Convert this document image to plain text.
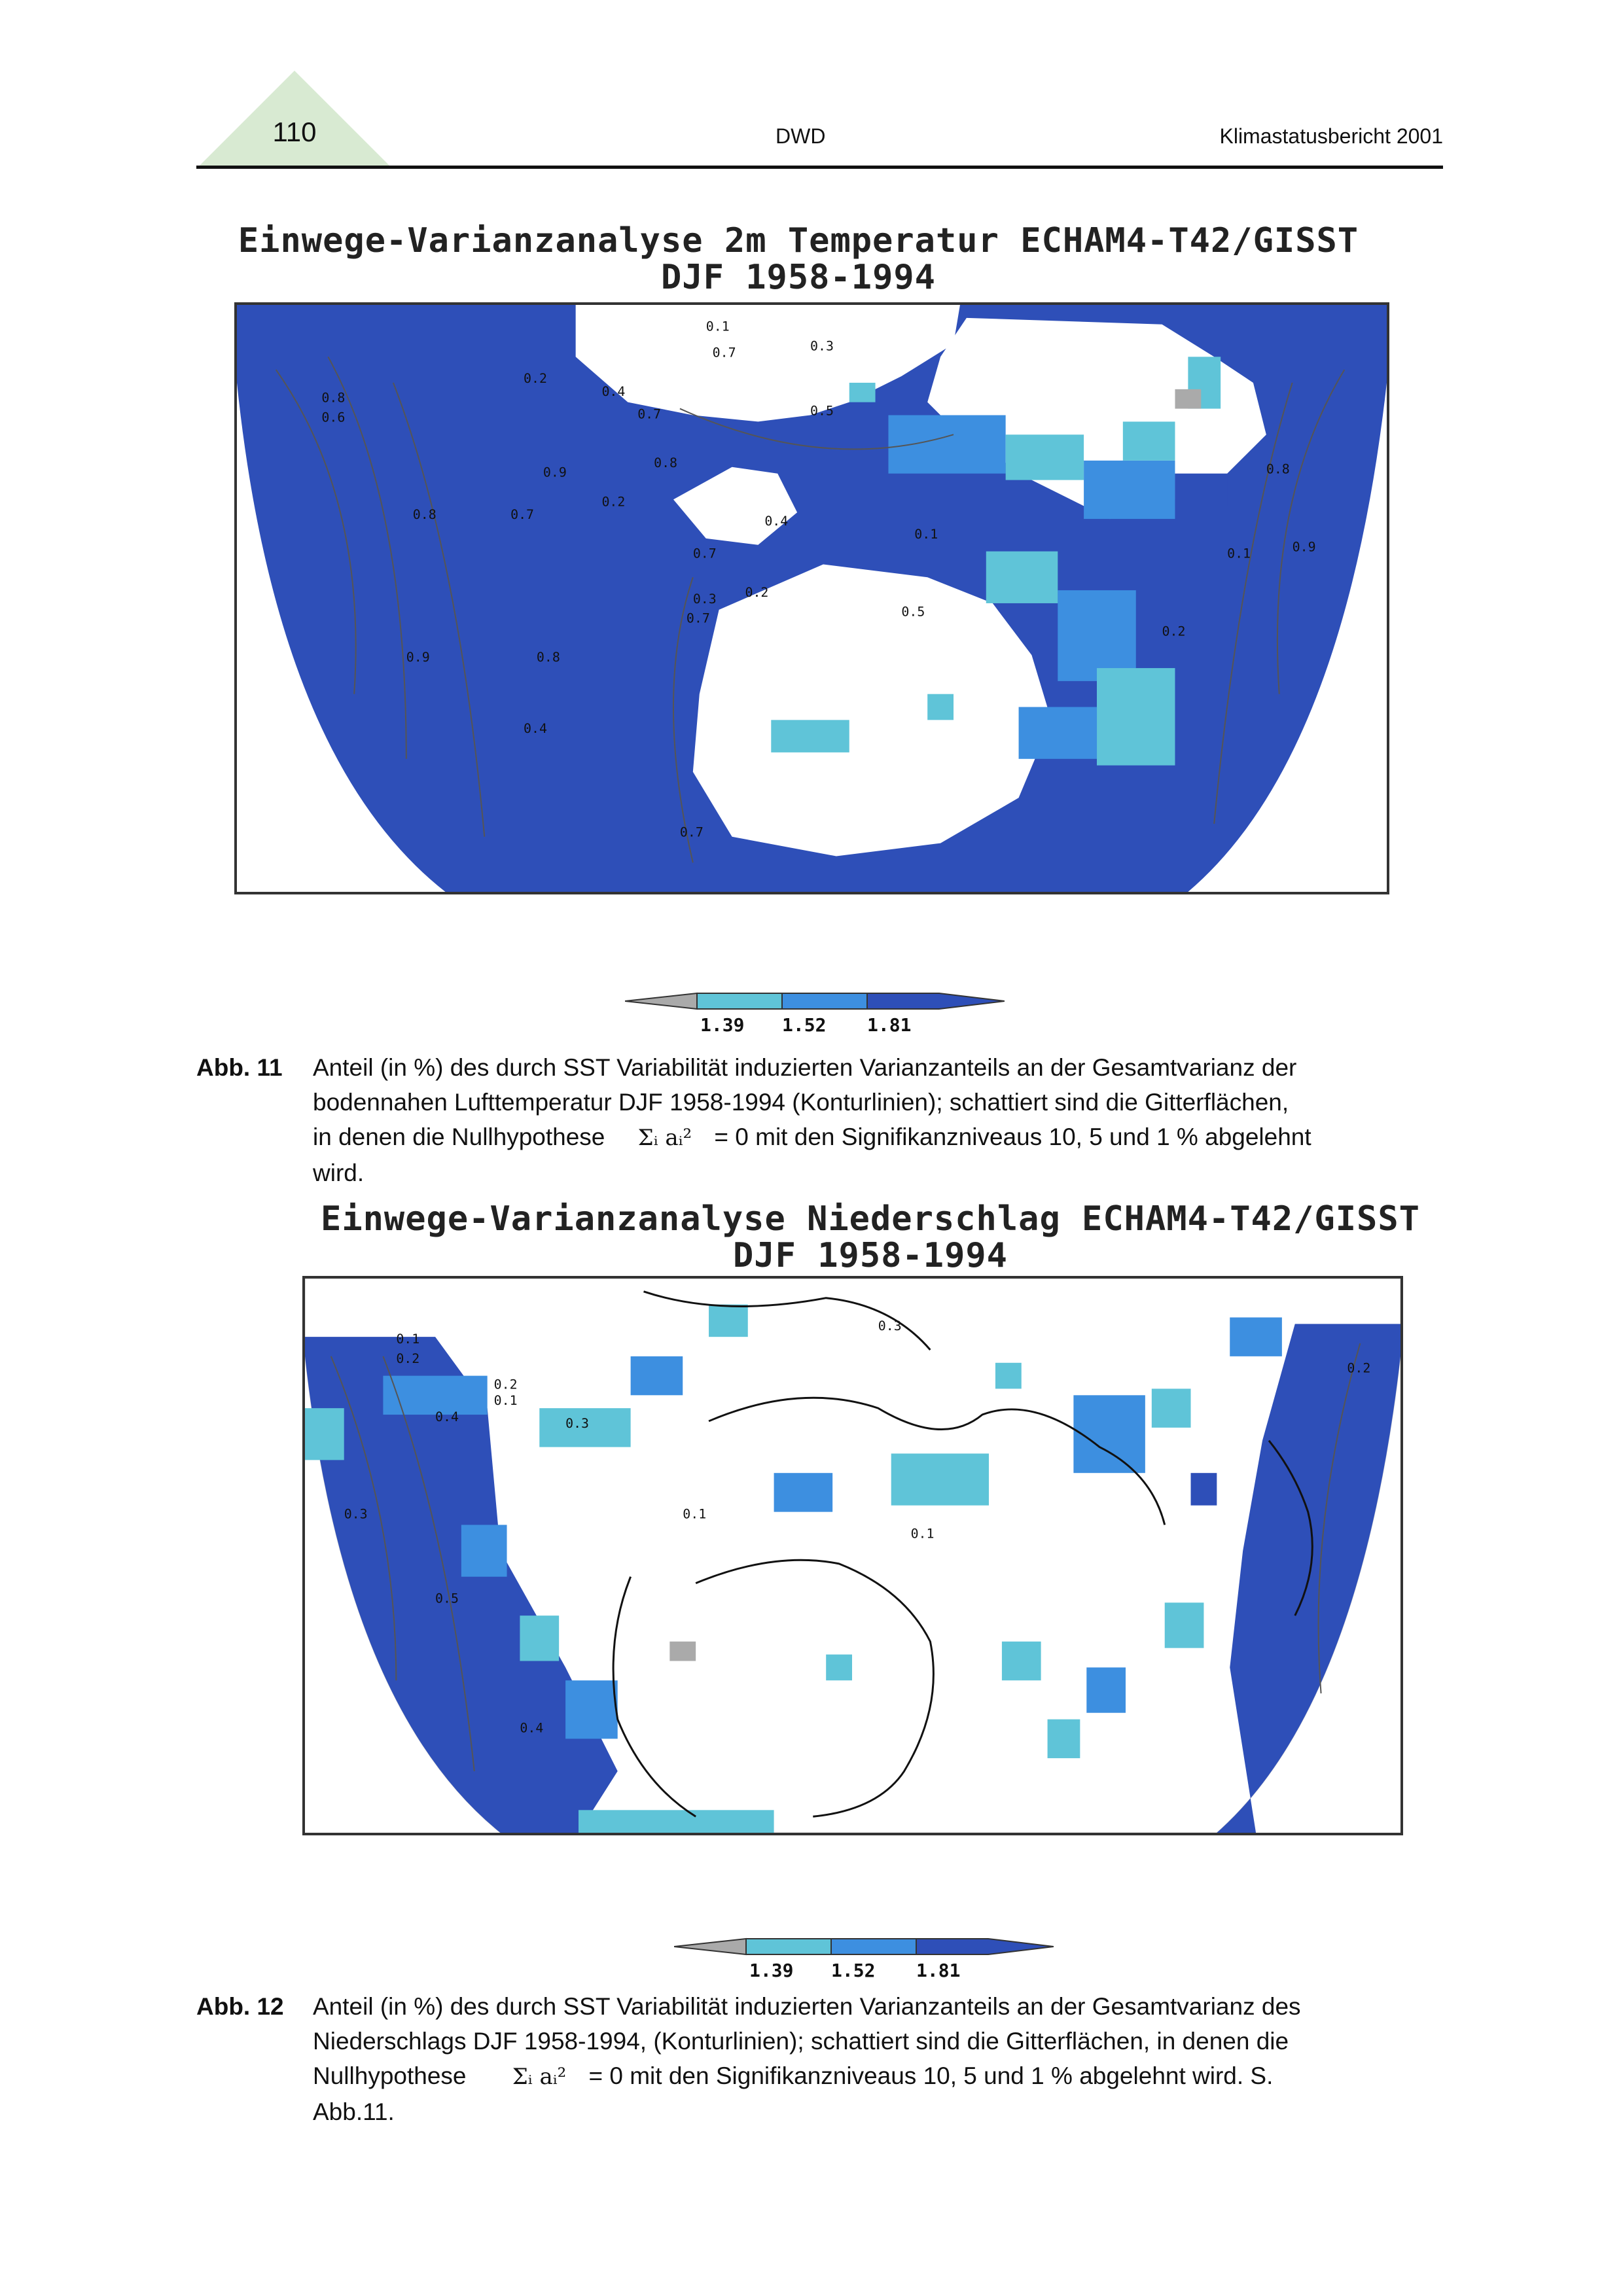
110	DWD	Klimastatusbericht 2001
Einwege-Varianzanalyse 2m Temperatur ECHAM4-T42/GISST
DJF 1958-1994
0.1
0.7
0.2
0.4
0.8
0.6
0.3
0.5
0.9
0.7
0.8
0.2
0.7	0.4
0.7
0.8
0.1
0.3 0.2
0.5
0.9
0.7
0.4
0.8
0.1
0.2
0.8
0.7
0.9
1.39 1.52 1.81
Abb. 11 Anteil (in %) des durch SST Variabilität induzierten Varianzanteils an der Gesamtvarianz der
bodennahen Lufttemperatur DJF 1958-1994 (Konturlinien); schattiert sind die Gitterflächen,
in denen die Nullhypothese Σᵢ aᵢ² = 0 mit den Signifikanzniveaus 10, 5 und 1 % abgelehnt
wird.
Einwege-Varianzanalyse Niederschlag ECHAM4-T42/GISST
DJF 1958-1994
0.1
0.2
0.4
0.3
0.5
0.2
0.1
0.3
0.1
0.1
0.3
0.2
0.4
1.39 1.52 1.81
Abb. 12 Anteil (in %) des durch SST Variabilität induzierten Varianzanteils an der Gesamtvarianz des
Niederschlags DJF 1958-1994, (Konturlinien); schattiert sind die Gitterflächen, in denen die
Nullhypothese Σᵢ aᵢ² = 0 mit den Signifikanzniveaus 10, 5 und 1 % abgelehnt wird. S.
Abb.11.
